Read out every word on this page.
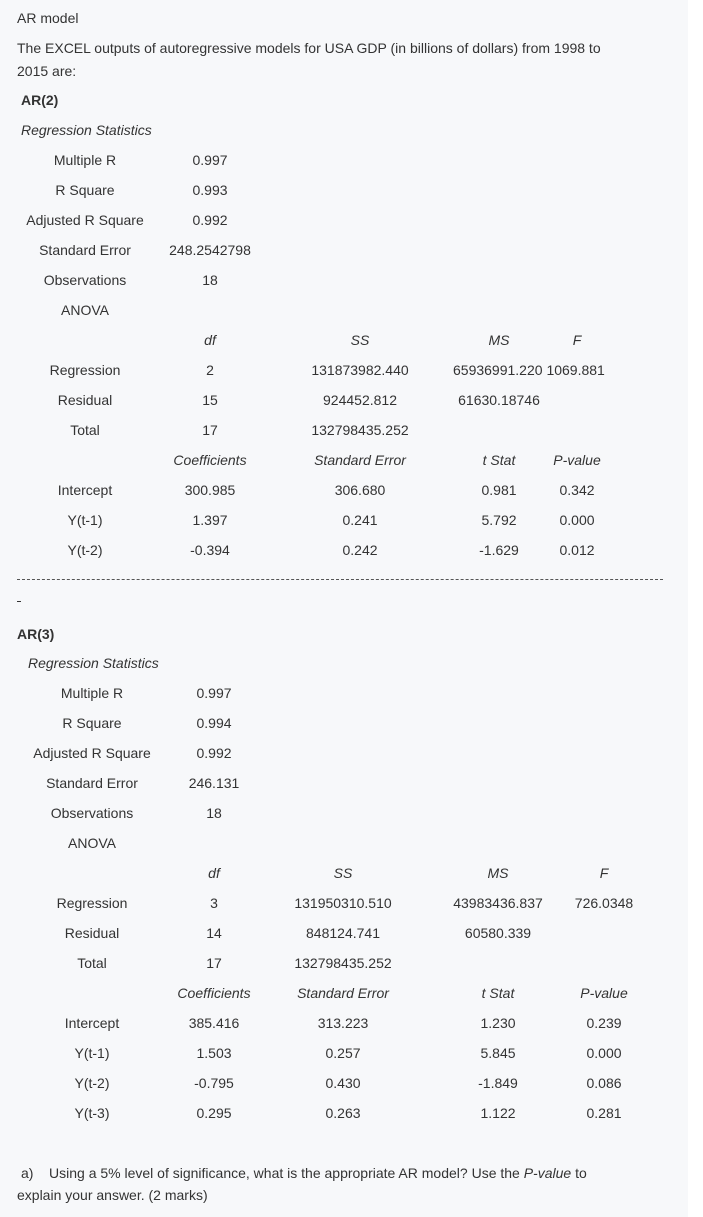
AR model
The EXCEL outputs of autoregressive models for USA GDP (in billions of dollars) from 1998 to
2015 are:
AR(2)
Regression Statistics
Multiple R	0.997
R Square	0.993
Adjusted R Square	0.992
Standard Error	248.2542798
Observations	18
ANOVA
df	SS	MS	F
Regression	2	131873982.440	65936991.220 1069.881
Residual	15	924452.812	61630.18746
Total	17	132798435.252
Coefficients	Standard Error	t Stat	P-value
Intercept	300.985	306.680	0.981	0.342
Y(t-1)	1.397	0.241	5.792	0.000
Y(t-2)	-0.394	0.242	-1.629	0.012
AR(3)
Regression Statistics
Multiple R	0.997
R Square	0.994
Adjusted R Square	0.992
Standard Error	246.131
Observations	18
ANOVA
df	SS	MS	F
Regression	3	131950310.510	43983436.837 726.0348
Residual	14	848124.741	60580.339
Total	17	132798435.252
Coefficients	Standard Error	t Stat	P-value
Intercept	385.416	313.223	1.230	0.239
Y(t-1)	1.503	0.257	5.845	0.000
Y(t-2)	-0.795	0.430	-1.849	0.086
Y(t-3)	0.295	0.263	1.122	0.281
a) Using a 5% level of significance, what is the appropriate AR model? Use the P-value to
explain your answer. (2 marks)
